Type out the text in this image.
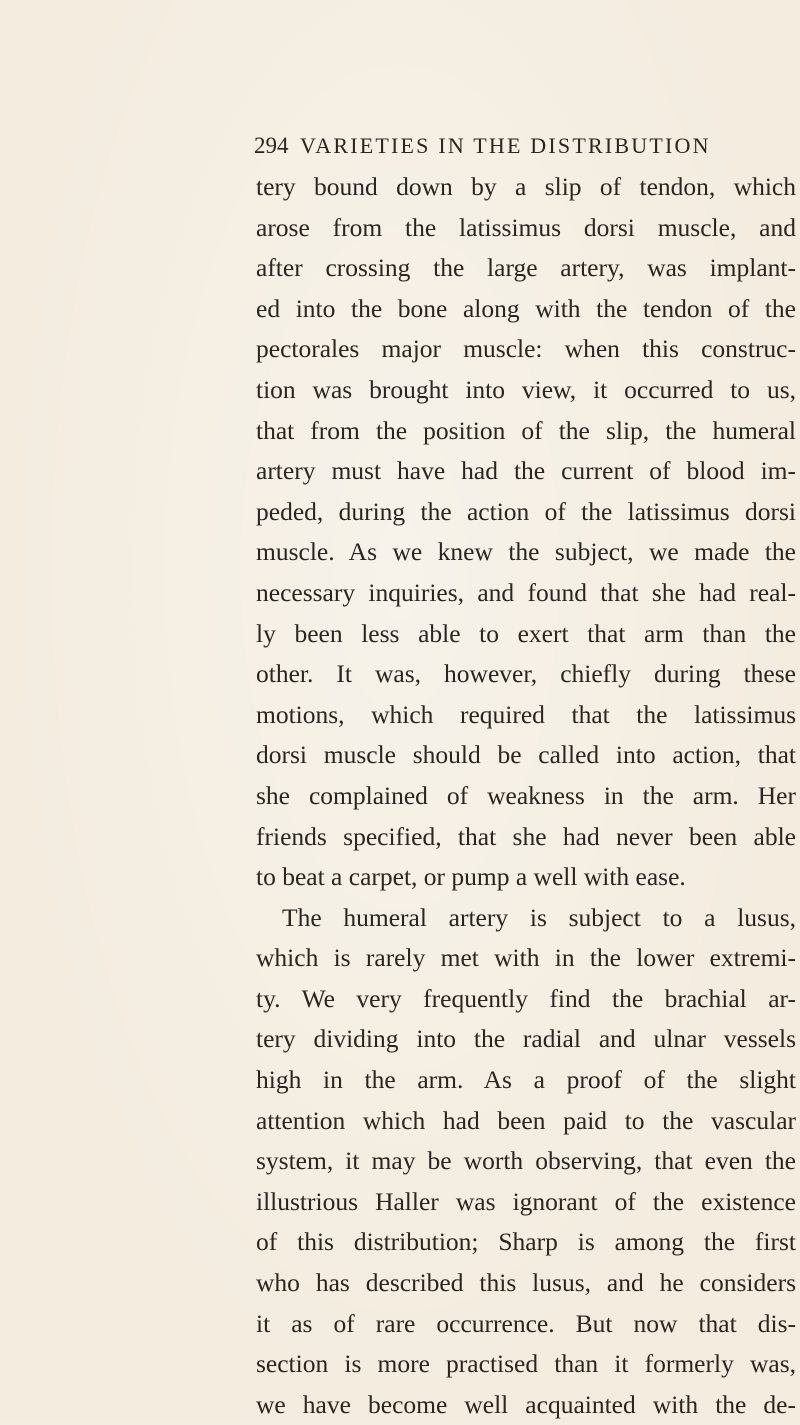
294 VARIETIES IN THE DISTRIBUTION
tery bound down by a slip of tendon, which
arose from the latissimus dorsi muscle, and
after crossing the large artery, was implant-
ed into the bone along with the tendon of the
pectorales major muscle: when this construc-
tion was brought into view, it occurred to us,
that from the position of the slip, the humeral
artery must have had the current of blood im-
peded, during the action of the latissimus dorsi
muscle. As we knew the subject, we made the
necessary inquiries, and found that she had real-
ly been less able to exert that arm than the
other. It was, however, chiefly during these
motions, which required that the latissimus
dorsi muscle should be called into action, that
she complained of weakness in the arm. Her
friends specified, that she had never been able
to beat a carpet, or pump a well with ease.
The humeral artery is subject to a lusus,
which is rarely met with in the lower extremi-
ty. We very frequently find the brachial ar-
tery dividing into the radial and ulnar vessels
high in the arm. As a proof of the slight
attention which had been paid to the vascular
system, it may be worth observing, that even the
illustrious Haller was ignorant of the existence
of this distribution; Sharp is among the first
who has described this lusus, and he considers
it as of rare occurrence. But now that dis-
section is more practised than it formerly was,
we have become well acquainted with the de-
